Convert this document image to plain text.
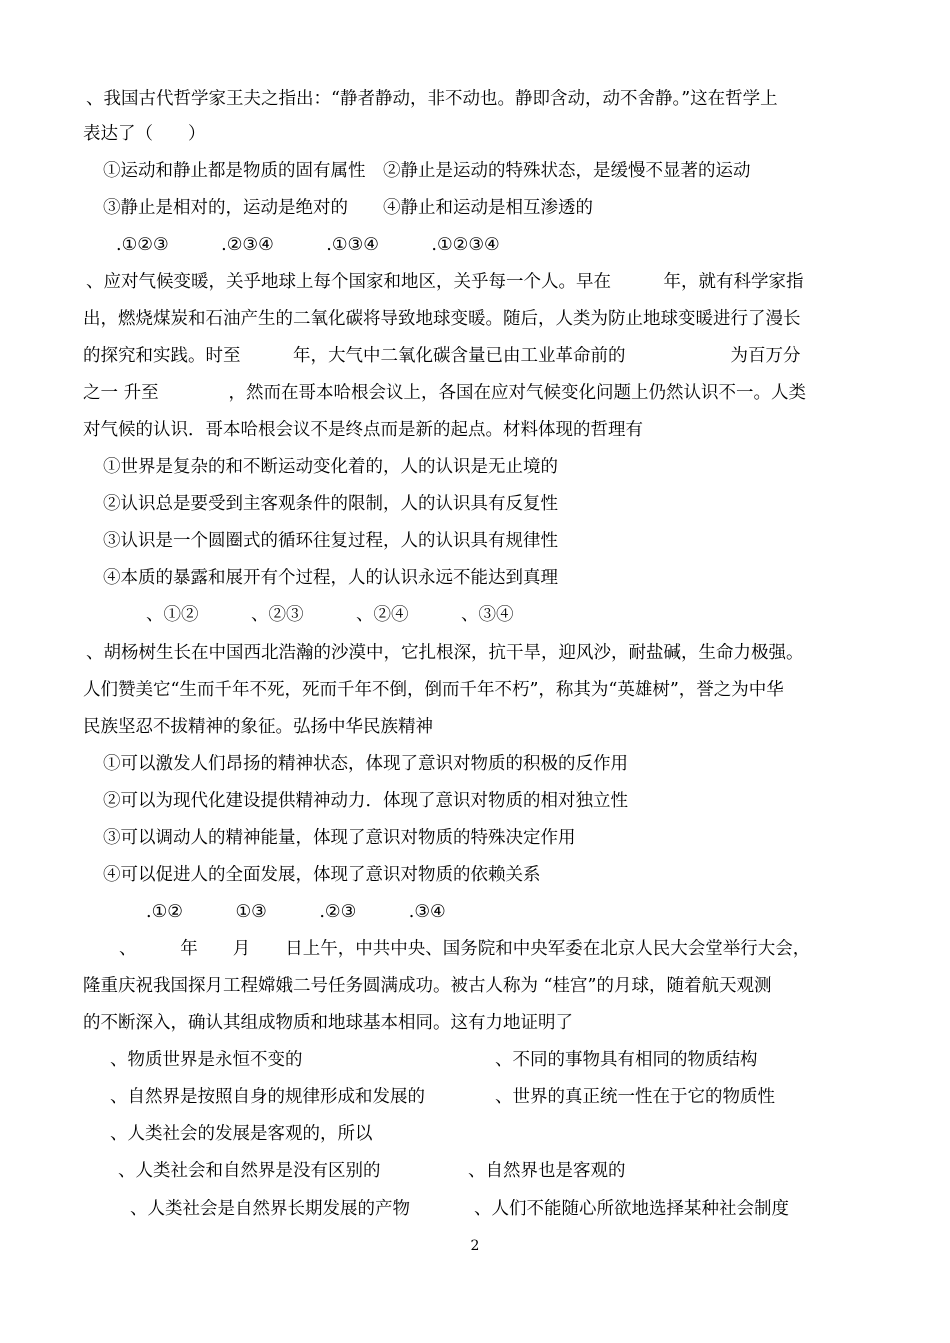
、我国古代哲学家王夫之指出：“静者静动，非不动也。静即含动，动不舍静。”这在哲学上
表达了（　　）
①运动和静止都是物质的固有属性　②静止是运动的特殊状态，是缓慢不显著的运动
③静止是相对的，运动是绝对的　　④静止和运动是相互渗透的
.①②③　　　.②③④　　　.①③④　　　.①②③④
、应对气候变暖，关乎地球上每个国家和地区，关乎每一个人。早在　　　年，就有科学家指
出，燃烧煤炭和石油产生的二氧化碳将导致地球变暖。随后，人类为防止地球变暖进行了漫长
的探究和实践。时至　　　年，大气中二氧化碳含量已由工业革命前的　　　　　　为百万分
之一 升至　　　　，然而在哥本哈根会议上，各国在应对气候变化问题上仍然认识不一。人类
对气候的认识．哥本哈根会议不是终点而是新的起点。材料体现的哲理有
①世界是复杂的和不断运动变化着的，人的认识是无止境的
②认识总是要受到主客观条件的限制，人的认识具有反复性
③认识是一个圆圈式的循环往复过程，人的认识具有规律性
④本质的暴露和展开有个过程，人的认识永远不能达到真理
、①②　　　、②③　　　、②④　　　、③④
、胡杨树生长在中国西北浩瀚的沙漠中，它扎根深，抗干旱，迎风沙，耐盐碱，生命力极强。
人们赞美它“生而千年不死，死而千年不倒，倒而千年不朽”，称其为“英雄树”，誉之为中华
民族坚忍不拔精神的象征。弘扬中华民族精神
①可以激发人们昂扬的精神状态，体现了意识对物质的积极的反作用
②可以为现代化建设提供精神动力．体现了意识对物质的相对独立性
③可以调动人的精神能量，体现了意识对物质的特殊决定作用
④可以促进人的全面发展，体现了意识对物质的依赖关系
.①②　　　①③　　　.②③　　　.③④
、　　　年　　月　　日上午，中共中央、国务院和中央军委在北京人民大会堂举行大会，
隆重庆祝我国探月工程嫦娥二号任务圆满成功。被古人称为 “桂宫”的月球，随着航天观测
的不断深入，确认其组成物质和地球基本相同。这有力地证明了
、物质世界是永恒不变的	、不同的事物具有相同的物质结构
、自然界是按照自身的规律形成和发展的	、世界的真正统一性在于它的物质性
、人类社会的发展是客观的，所以
、人类社会和自然界是没有区别的	、自然界也是客观的
、人类社会是自然界长期发展的产物	、人们不能随心所欲地选择某种社会制度
2
